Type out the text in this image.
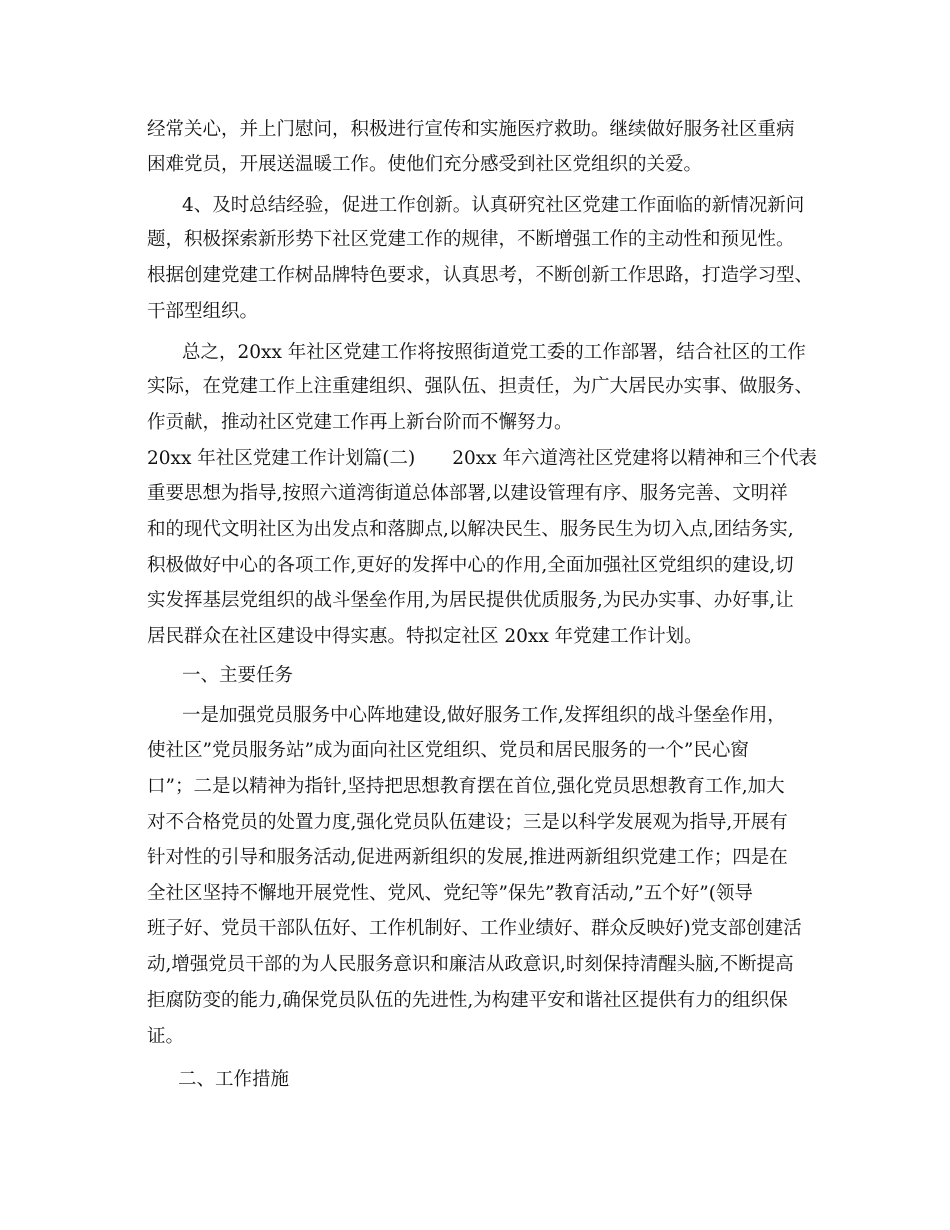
经常关心，并上门慰问，积极进行宣传和实施医疗救助。继续做好服务社区重病
困难党员，开展送温暖工作。使他们充分感受到社区党组织的关爱。
4、及时总结经验，促进工作创新。认真研究社区党建工作面临的新情况新问
题，积极探索新形势下社区党建工作的规律，不断增强工作的主动性和预见性。
根据创建党建工作树品牌特色要求，认真思考，不断创新工作思路，打造学习型、
干部型组织。
总之，20xx 年社区党建工作将按照街道党工委的工作部署，结合社区的工作
实际，在党建工作上注重建组织、强队伍、担责任，为广大居民办实事、做服务、
作贡献，推动社区党建工作再上新台阶而不懈努力。
20xx 年社区党建工作计划篇(二)　　20xx 年六道湾社区党建将以精神和三个代表
重要思想为指导,按照六道湾街道总体部署,以建设管理有序、服务完善、文明祥
和的现代文明社区为出发点和落脚点,以解决民生、服务民生为切入点,团结务实,
积极做好中心的各项工作,更好的发挥中心的作用,全面加强社区党组织的建设,切
实发挥基层党组织的战斗堡垒作用,为居民提供优质服务,为民办实事、办好事,让
居民群众在社区建设中得实惠。特拟定社区 20xx 年党建工作计划。
一、主要任务
一是加强党员服务中心阵地建设,做好服务工作,发挥组织的战斗堡垒作用，
使社区”党员服务站”成为面向社区党组织、党员和居民服务的一个”民心窗
口”；二是以精神为指针,坚持把思想教育摆在首位,强化党员思想教育工作,加大
对不合格党员的处置力度,强化党员队伍建设；三是以科学发展观为指导,开展有
针对性的引导和服务活动,促进两新组织的发展,推进两新组织党建工作；四是在
全社区坚持不懈地开展党性、党风、党纪等”保先”教育活动,”五个好”(领导
班子好、党员干部队伍好、工作机制好、工作业绩好、群众反映好)党支部创建活
动,增强党员干部的为人民服务意识和廉洁从政意识,时刻保持清醒头脑,不断提高
拒腐防变的能力,确保党员队伍的先进性,为构建平安和谐社区提供有力的组织保
证。
二、工作措施
